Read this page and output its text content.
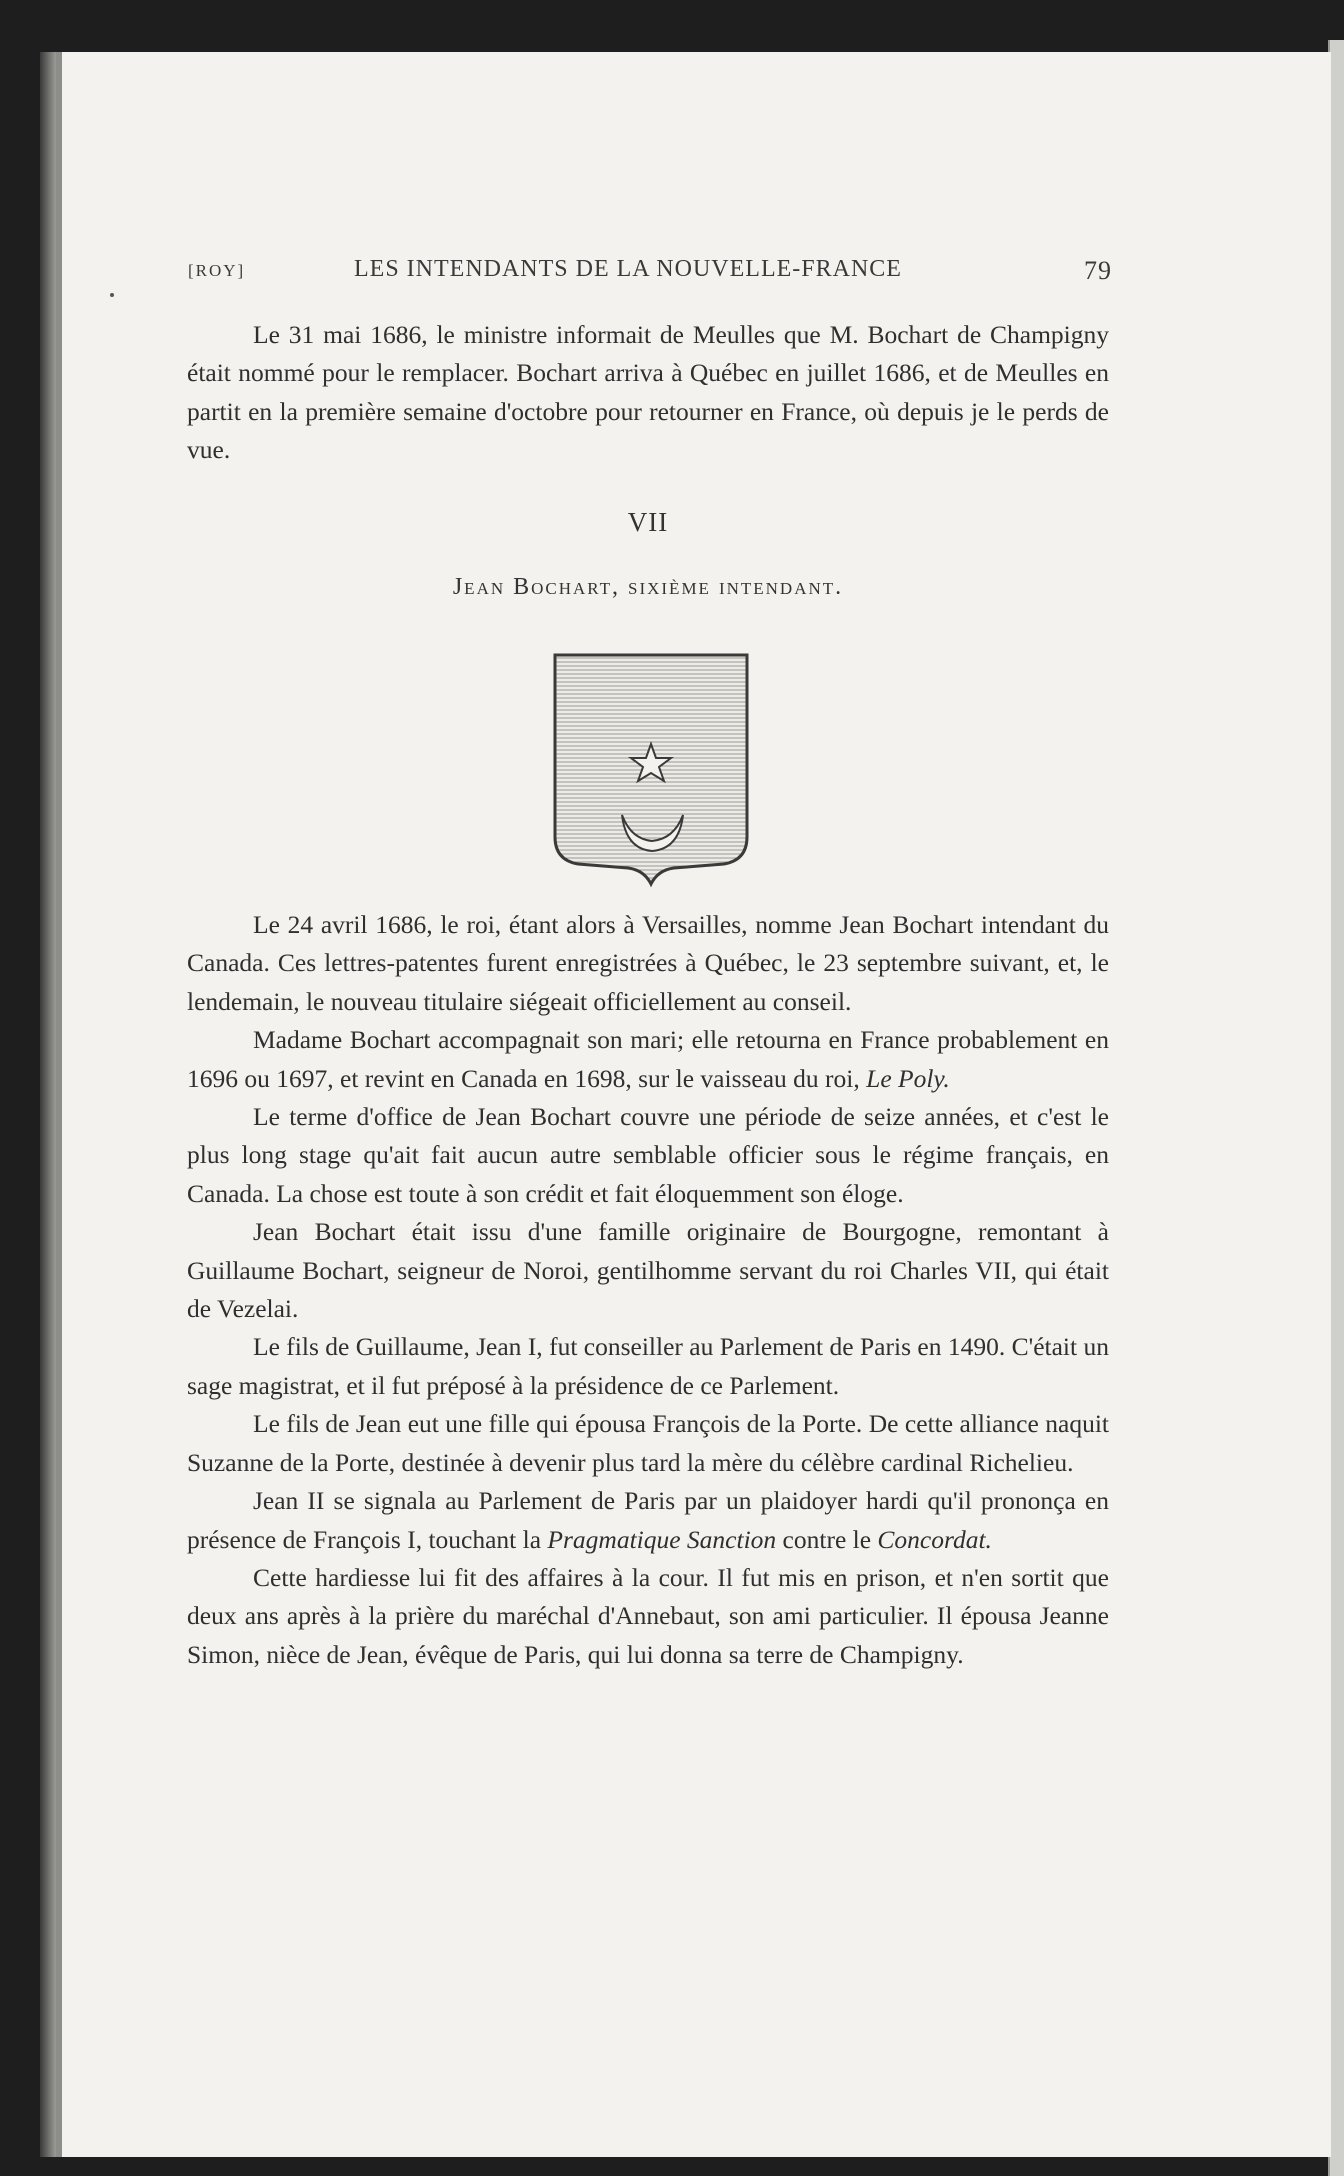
[ROY]	LES INTENDANTS DE LA NOUVELLE-FRANCE	79

Le 31 mai 1686, le ministre informait de Meulles que M. Bochart de Champigny était nommé pour le remplacer. Bochart arriva à Québec en juillet 1686, et de Meulles en partit en la première semaine d'octobre pour retourner en France, où depuis je le perds de vue.

VII
Jean Bochart, sixième intendant.

Le 24 avril 1686, le roi, étant alors à Versailles, nomme Jean Bochart intendant du Canada. Ces lettres-patentes furent enregistrées à Québec, le 23 septembre suivant, et, le lendemain, le nouveau titulaire siégeait officiellement au conseil.

Madame Bochart accompagnait son mari; elle retourna en France probablement en 1696 ou 1697, et revint en Canada en 1698, sur le vaisseau du roi, Le Poly.

Le terme d'office de Jean Bochart couvre une période de seize années, et c'est le plus long stage qu'ait fait aucun autre semblable officier sous le régime français, en Canada. La chose est toute à son crédit et fait éloquemment son éloge.

Jean Bochart était issu d'une famille originaire de Bourgogne, remontant à Guillaume Bochart, seigneur de Noroi, gentilhomme servant du roi Charles VII, qui était de Vezelai.

Le fils de Guillaume, Jean I, fut conseiller au Parlement de Paris en 1490. C'était un sage magistrat, et il fut préposé à la présidence de ce Parlement.

Le fils de Jean eut une fille qui épousa François de la Porte. De cette alliance naquit Suzanne de la Porte, destinée à devenir plus tard la mère du célèbre cardinal Richelieu.

Jean II se signala au Parlement de Paris par un plaidoyer hardi qu'il prononça en présence de François I, touchant la Pragmatique Sanction contre le Concordat.

Cette hardiesse lui fit des affaires à la cour. Il fut mis en prison, et n'en sortit que deux ans après à la prière du maréchal d'Annebaut, son ami particulier. Il épousa Jeanne Simon, nièce de Jean, évêque de Paris, qui lui donna sa terre de Champigny.
